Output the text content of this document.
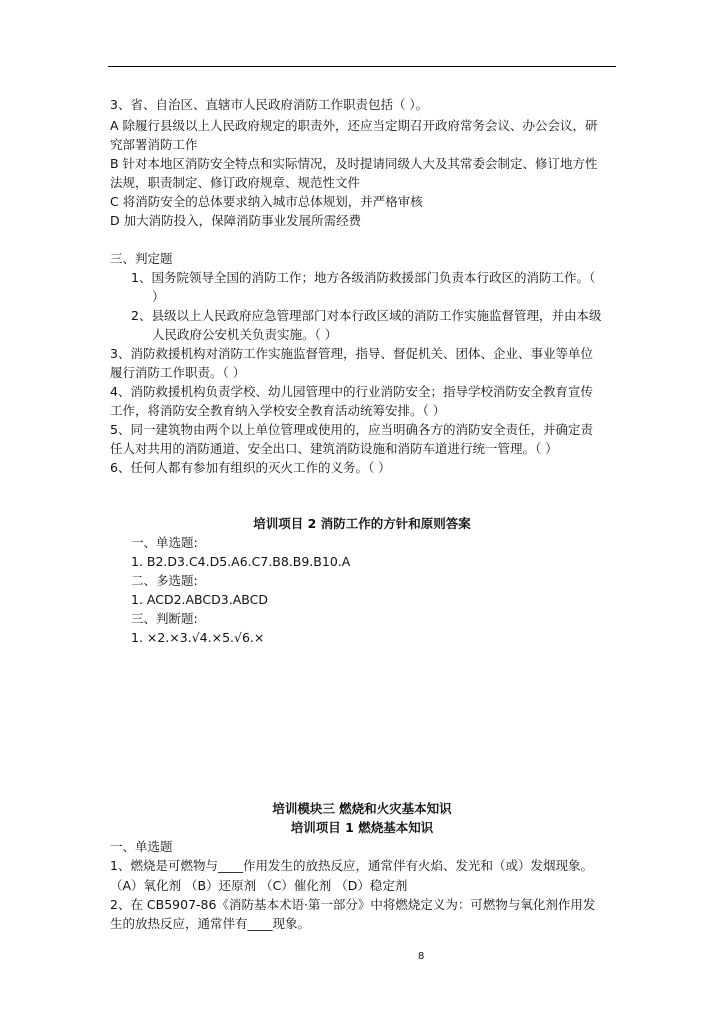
3、省、自治区、直辖市人民政府消防工作职责包括（ ）。
A 除履行县级以上人民政府规定的职责外，还应当定期召开政府常务会议、办公会议，研
究部署消防工作
B 针对本地区消防安全特点和实际情况，及时提请同级人大及其常委会制定、修订地方性
法规，职责制定、修订政府规章、规范性文件
C 将消防安全的总体要求纳入城市总体规划，并严格审核
D 加大消防投入，保障消防事业发展所需经费
三、判定题
1、国务院领导全国的消防工作；地方各级消防救援部门负责本行政区的消防工作。（
）
2、县级以上人民政府应急管理部门对本行政区域的消防工作实施监督管理，并由本级
人民政府公安机关负责实施。（ ）
3、消防救援机构对消防工作实施监督管理，指导、督促机关、团体、企业、事业等单位
履行消防工作职责。（ ）
4、消防救援机构负责学校、幼儿园管理中的行业消防安全；指导学校消防安全教育宣传
工作，将消防安全教育纳入学校安全教育活动统筹安排。（ ）
5、同一建筑物由两个以上单位管理或使用的，应当明确各方的消防安全责任，并确定责
任人对共用的消防通道、安全出口、建筑消防设施和消防车道进行统一管理。（ ）
6、任何人都有参加有组织的灭火工作的义务。（ ）
培训项目 2 消防工作的方针和原则答案
一、单选题:
1. B2.D3.C4.D5.A6.C7.B8.B9.B10.A
二、多选题:
1. ACD2.ABCD3.ABCD
三、判断题:
1. ×2.×3.√4.×5.√6.×
培训模块三 燃烧和火灾基本知识
培训项目 1 燃烧基本知识
一、单选题
1、燃烧是可燃物与____作用发生的放热反应，通常伴有火焰、发光和（或）发烟现象。
（A）氧化剂 （B）还原剂 （C）催化剂 （D）稳定剂
2、在 CB5907-86《消防基本术语·第一部分》中将燃烧定义为：可燃物与氧化剂作用发
生的放热反应，通常伴有____现象。
8
